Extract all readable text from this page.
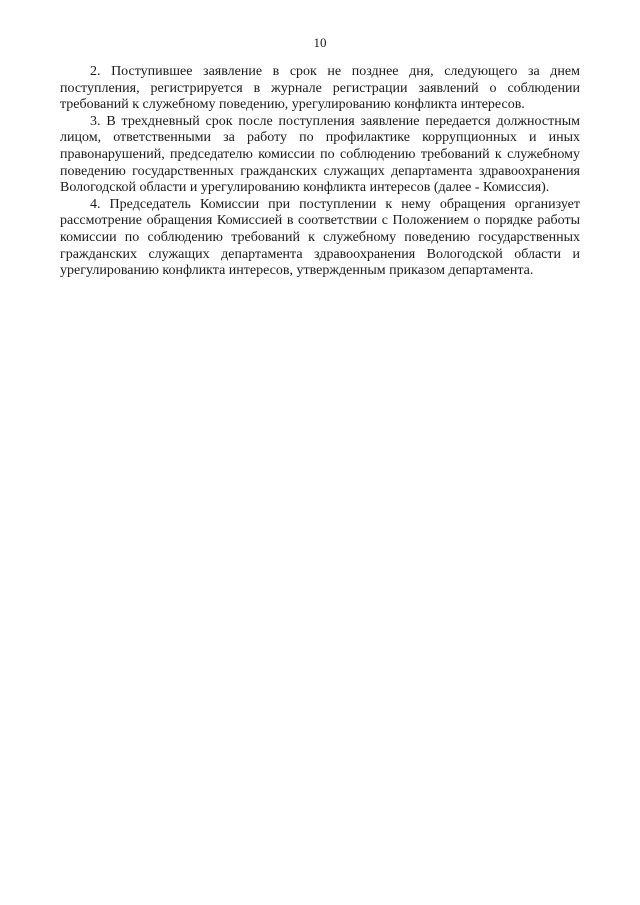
10

2. Поступившее заявление в срок не позднее дня, следующего за днем поступления, регистрируется в журнале регистрации заявлений о соблюдении требований к служебному поведению, урегулированию конфликта интересов.

3. В трехдневный срок после поступления заявление передается должностным лицом, ответственными за работу по профилактике коррупционных и иных правонарушений, председателю комиссии по соблюдению требований к служебному поведению государственных гражданских служащих департамента здравоохранения Вологодской области и урегулированию конфликта интересов (далее - Комиссия).

4. Председатель Комиссии при поступлении к нему обращения организует рассмотрение обращения Комиссией в соответствии с Положением о порядке работы комиссии по соблюдению требований к служебному поведению государственных гражданских служащих департамента здравоохранения Вологодской области и урегулированию конфликта интересов, утвержденным приказом департамента.
